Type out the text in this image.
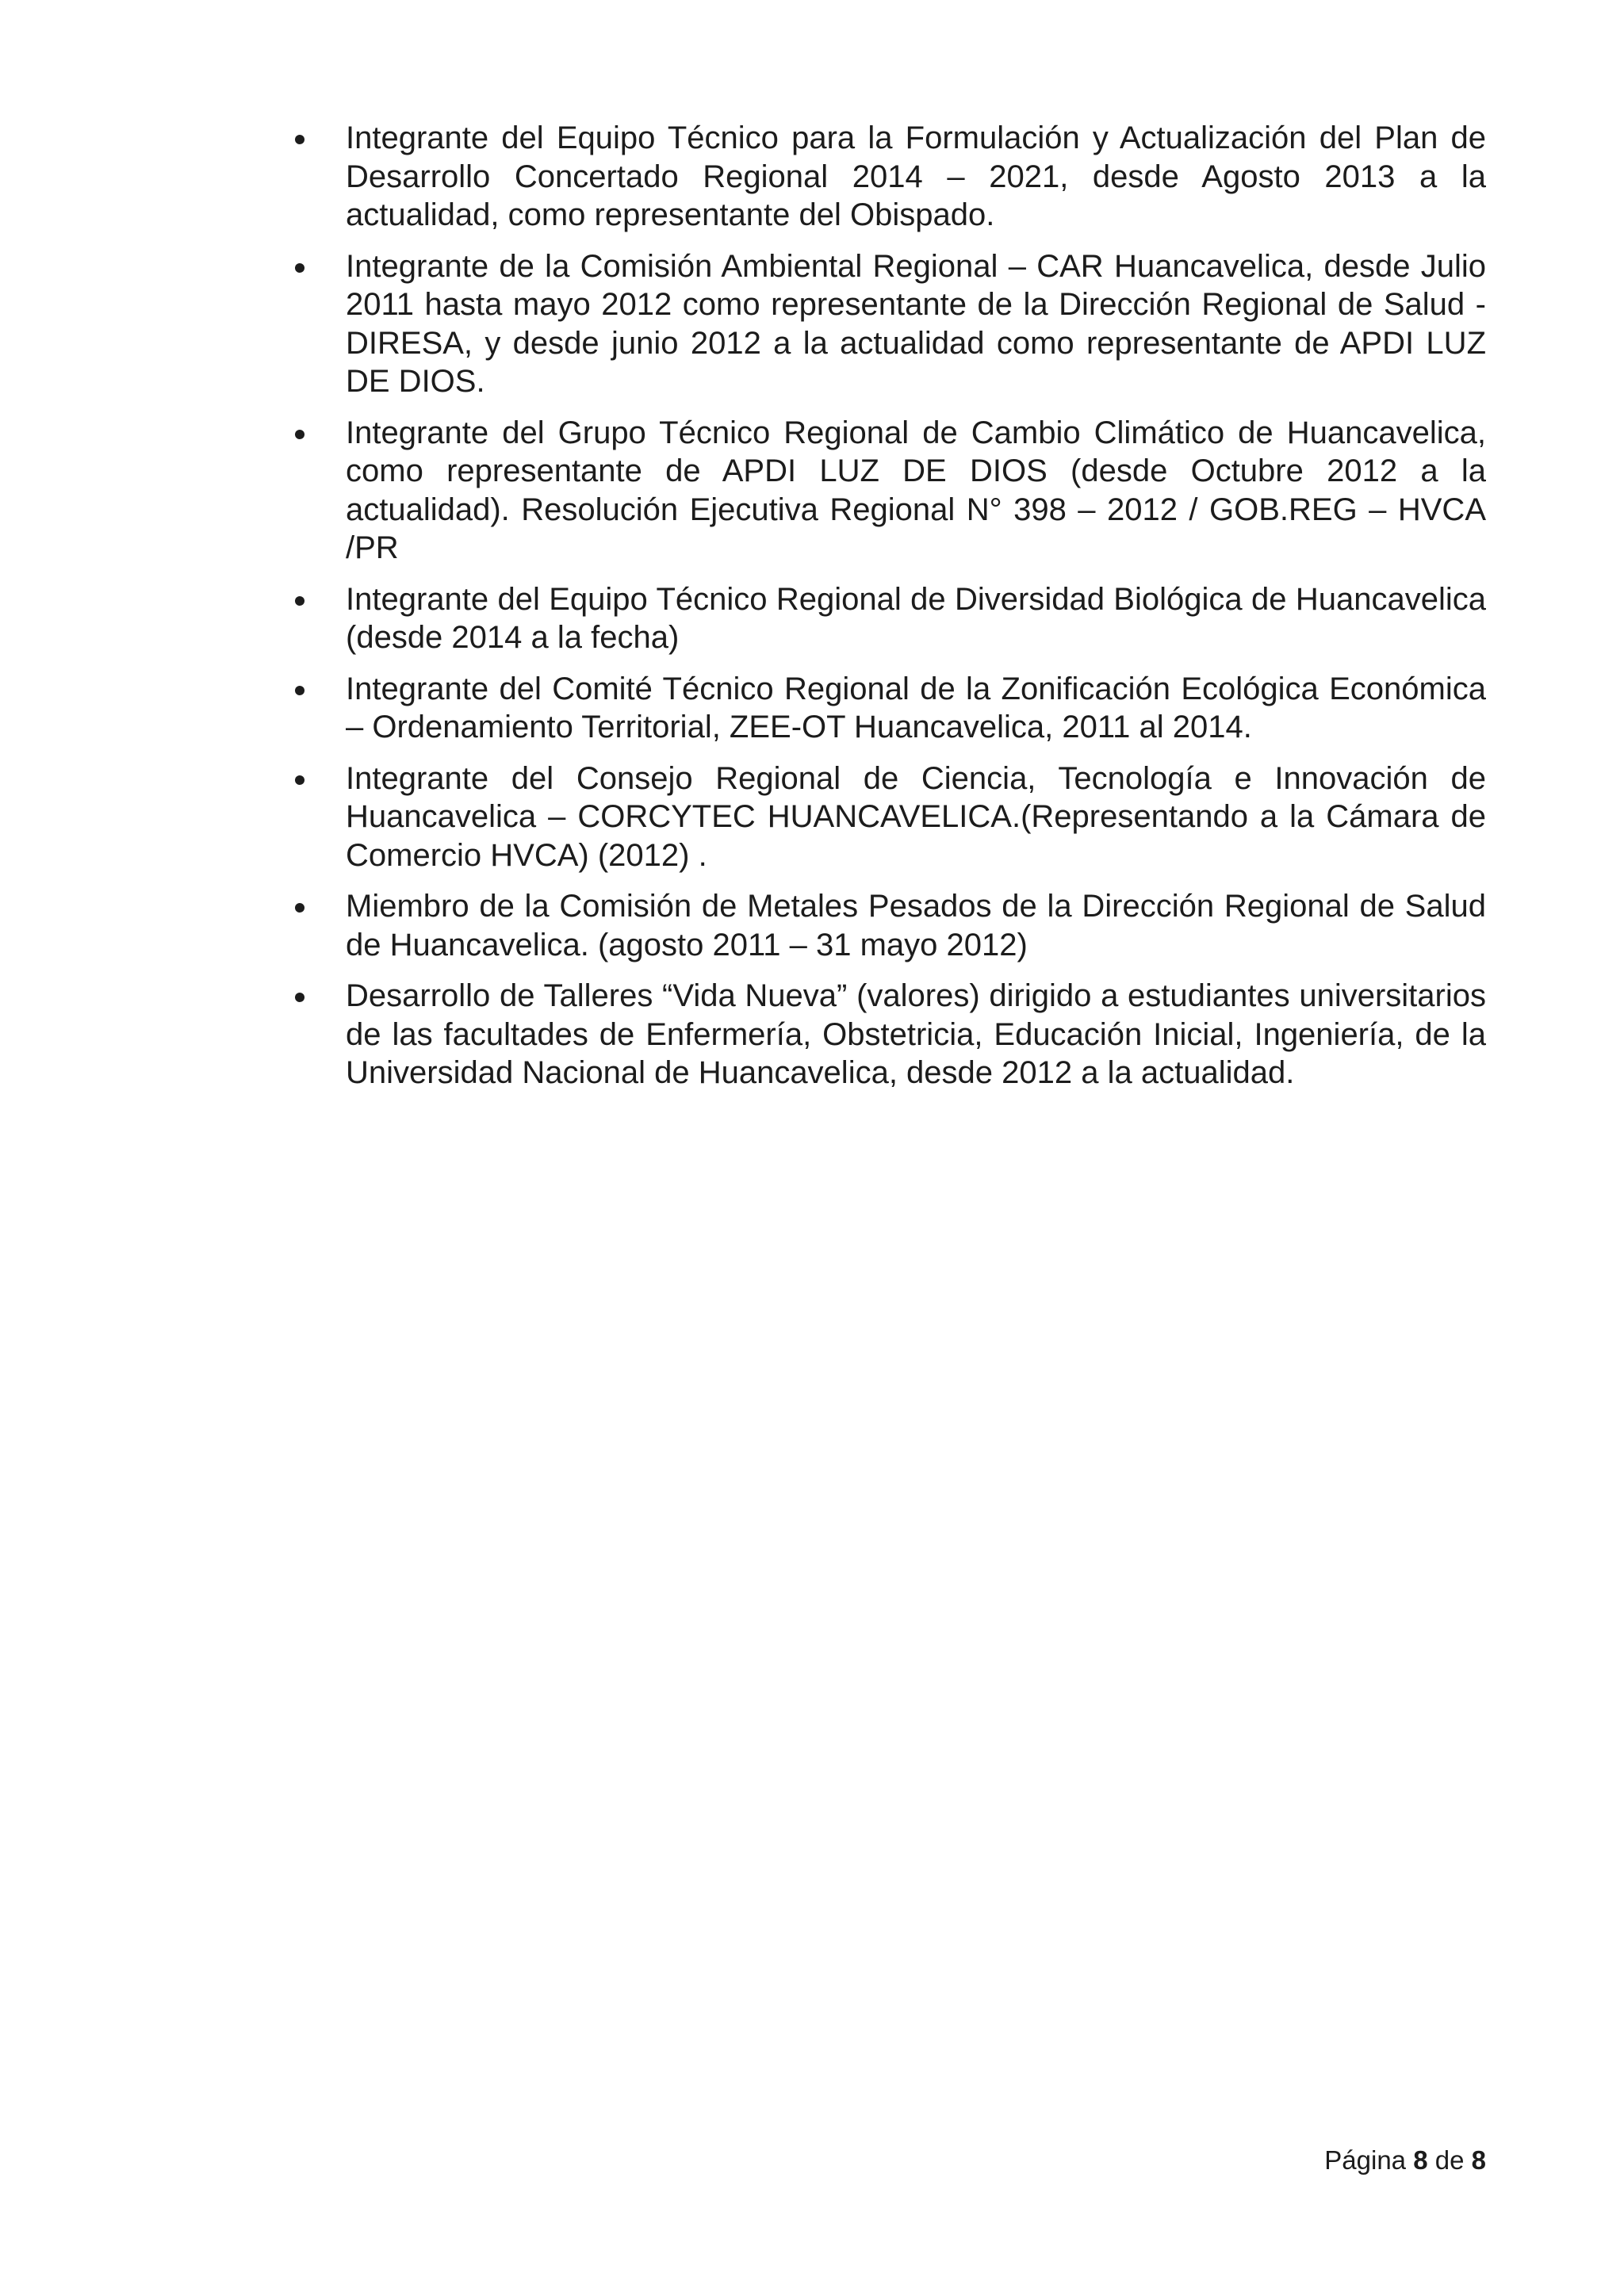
Integrante del Equipo Técnico para la Formulación y Actualización del Plan de Desarrollo Concertado Regional 2014 – 2021, desde Agosto 2013 a la actualidad, como representante del Obispado.
Integrante de la Comisión Ambiental Regional – CAR Huancavelica, desde Julio 2011 hasta mayo 2012 como representante de la Dirección Regional de Salud - DIRESA, y desde junio 2012 a la actualidad como representante de APDI LUZ DE DIOS.
Integrante del Grupo Técnico Regional de Cambio Climático de Huancavelica, como representante de APDI LUZ DE DIOS (desde Octubre 2012 a la actualidad). Resolución Ejecutiva Regional N° 398 – 2012 / GOB.REG – HVCA /PR
Integrante del Equipo Técnico Regional de Diversidad Biológica de Huancavelica (desde 2014 a la fecha)
Integrante del Comité Técnico Regional de la Zonificación Ecológica Económica – Ordenamiento Territorial, ZEE-OT Huancavelica, 2011 al 2014.
Integrante del Consejo Regional de Ciencia, Tecnología e Innovación de Huancavelica – CORCYTEC HUANCAVELICA.(Representando a la Cámara de Comercio HVCA) (2012) .
Miembro de la Comisión de Metales Pesados de la Dirección Regional de Salud de Huancavelica. (agosto 2011 – 31 mayo 2012)
Desarrollo de Talleres “Vida Nueva” (valores) dirigido a estudiantes universitarios de las facultades de Enfermería, Obstetricia, Educación Inicial, Ingeniería, de la Universidad Nacional de Huancavelica, desde 2012 a la actualidad.
Página 8 de 8
